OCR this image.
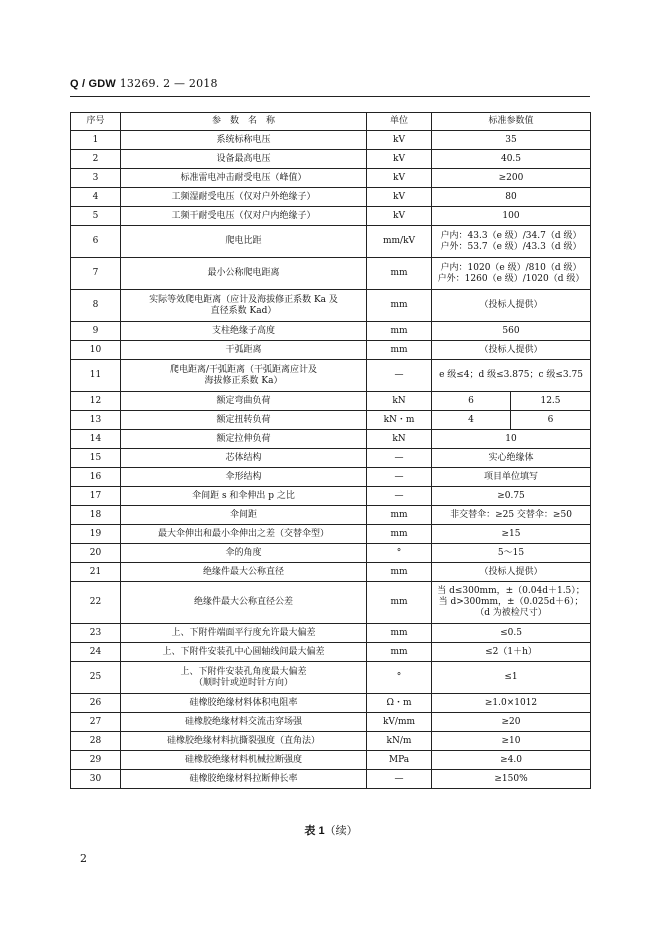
Q / GDW 13269. 2 — 2018
序号	参　数　名　称	单位	标准参数值	
1	系统标称电压	kV	35	
2	设备最高电压	kV	40.5	
3	标准雷电冲击耐受电压（峰值）	kV	≥200	
4	工频湿耐受电压（仅对户外绝缘子）	kV	80	
5	工频干耐受电压（仅对户内绝缘子）	kV	100	
6	爬电比距	mm/kV	户内：43.3（e 级）/34.7（d 级）
户外：53.7（e 级）/43.3（d 级）	
7	最小公称爬电距离	mm	户内：1020（e 级）/810（d 级）
户外：1260（e 级）/1020（d 级）	
8	实际等效爬电距离（应计及海拔修正系数 Ka 及
直径系数 Kad）	mm	（投标人提供）	
9	支柱绝缘子高度	mm	560	
10	干弧距离	mm	（投标人提供）	
11	爬电距离/干弧距离（干弧距离应计及
海拔修正系数 Ka）	—	e 级≤4；d 级≤3.875；c 级≤3.75	
12	额定弯曲负荷	kN	6	12.5
13	额定扭转负荷	kN・m	4	6
14	额定拉伸负荷	kN	10	
15	芯体结构	—	实心绝缘体	
16	伞形结构	—	项目单位填写	
17	伞间距 s 和伞伸出 p 之比	—	≥0.75	
18	伞间距	mm	非交替伞：≥25 交替伞：≥50	
19	最大伞伸出和最小伞伸出之差（交替伞型）	mm	≥15	
20	伞的角度	°	5～15	
21	绝缘件最大公称直径	mm	（投标人提供）	
22	绝缘件最大公称直径公差	mm	当 d≤300mm，±（0.04d＋1.5）；
当 d>300mm，±（0.025d＋6）；
（d 为被检尺寸）	
23	上、下附件端面平行度允许最大偏差	mm	≤0.5	
24	上、下附件安装孔中心圆轴线间最大偏差	mm	≤2（1＋h）	
25	上、下附件安装孔角度最大偏差
（顺时针或逆时针方向）	°	≤1	
26	硅橡胶绝缘材料体积电阻率	Ω・m	≥1.0×1012	
27	硅橡胶绝缘材料交流击穿场强	kV/mm	≥20	
28	硅橡胶绝缘材料抗撕裂强度（直角法）	kN/m	≥10	
29	硅橡胶绝缘材料机械拉断强度	MPa	≥4.0	
30	硅橡胶绝缘材料拉断伸长率	—	≥150%	
表 1（续）
2
